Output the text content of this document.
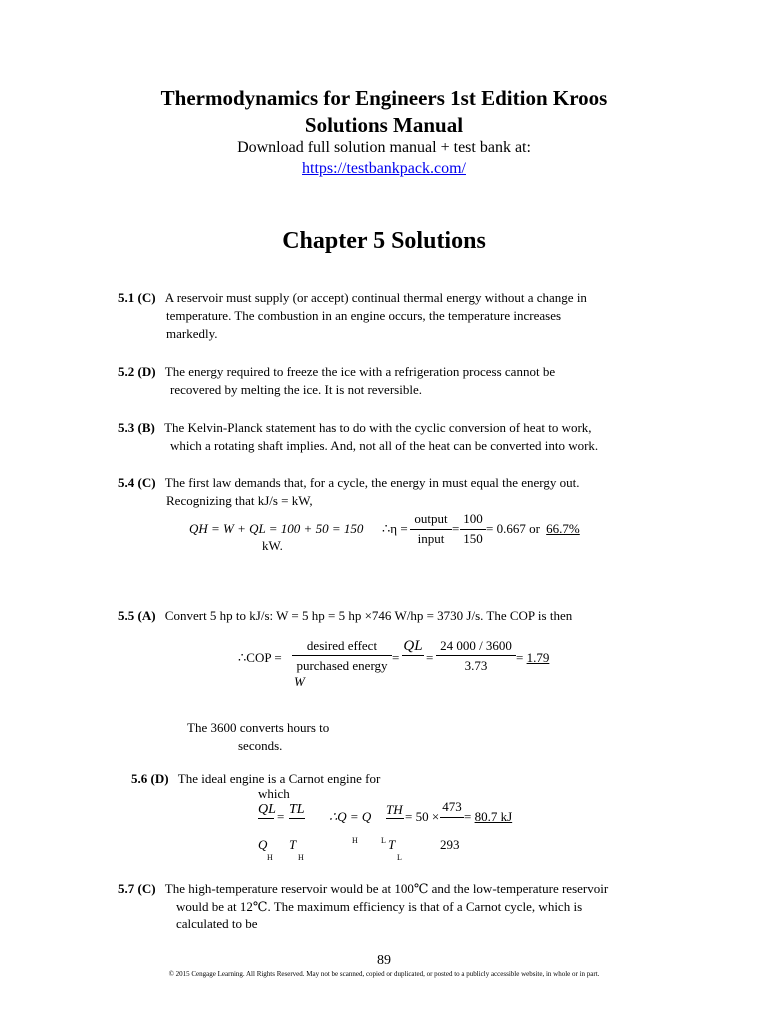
Thermodynamics for Engineers 1st Edition Kroos
Solutions Manual
Download full solution manual + test bank at:
https://testbankpack.com/
Chapter 5 Solutions
5.1 (C) A reservoir must supply (or accept) continual thermal energy without a change in
temperature. The combustion in an engine occurs, the temperature increases
markedly.
5.2 (D) The energy required to freeze the ice with a refrigeration process cannot be
recovered by melting the ice. It is not reversible.
5.3 (B) The Kelvin-Planck statement has to do with the cyclic conversion of heat to work,
which a rotating shaft implies. And, not all of the heat can be converted into work.
5.4 (C) The first law demands that, for a cycle, the energy in must equal the energy out.
Recognizing that kJ/s = kW,
QH = W + QL = 100 + 50 = 150
kW.
∴η =
output
input
=
100
150
= 0.667 or 66.7%
5.5 (A) Convert 5 hp to kJ/s: W = 5 hp = 5 hp ×746 W/hp = 3730 J/s. The COP is then
∴COP =
desired effect
purchased energy
W
=
QL
=
24 000 / 3600
3.73
= 1.79
The 3600 converts hours to
seconds.
5.6 (D) The ideal engine is a Carnot engine for
which
QL = TL ∴Q = Q TH = 50 ×
473
= 80.7 kJ
Q T
H	H
H	L T
L
293
5.7 (C) The high-temperature reservoir would be at 100℃ and the low-temperature reservoir
would be at 12℃. The maximum efficiency is that of a Carnot cycle, which is
calculated to be
89
© 2015 Cengage Learning. All Rights Reserved. May not be scanned, copied or duplicated, or posted to a publicly accessible website, in whole or in part.
